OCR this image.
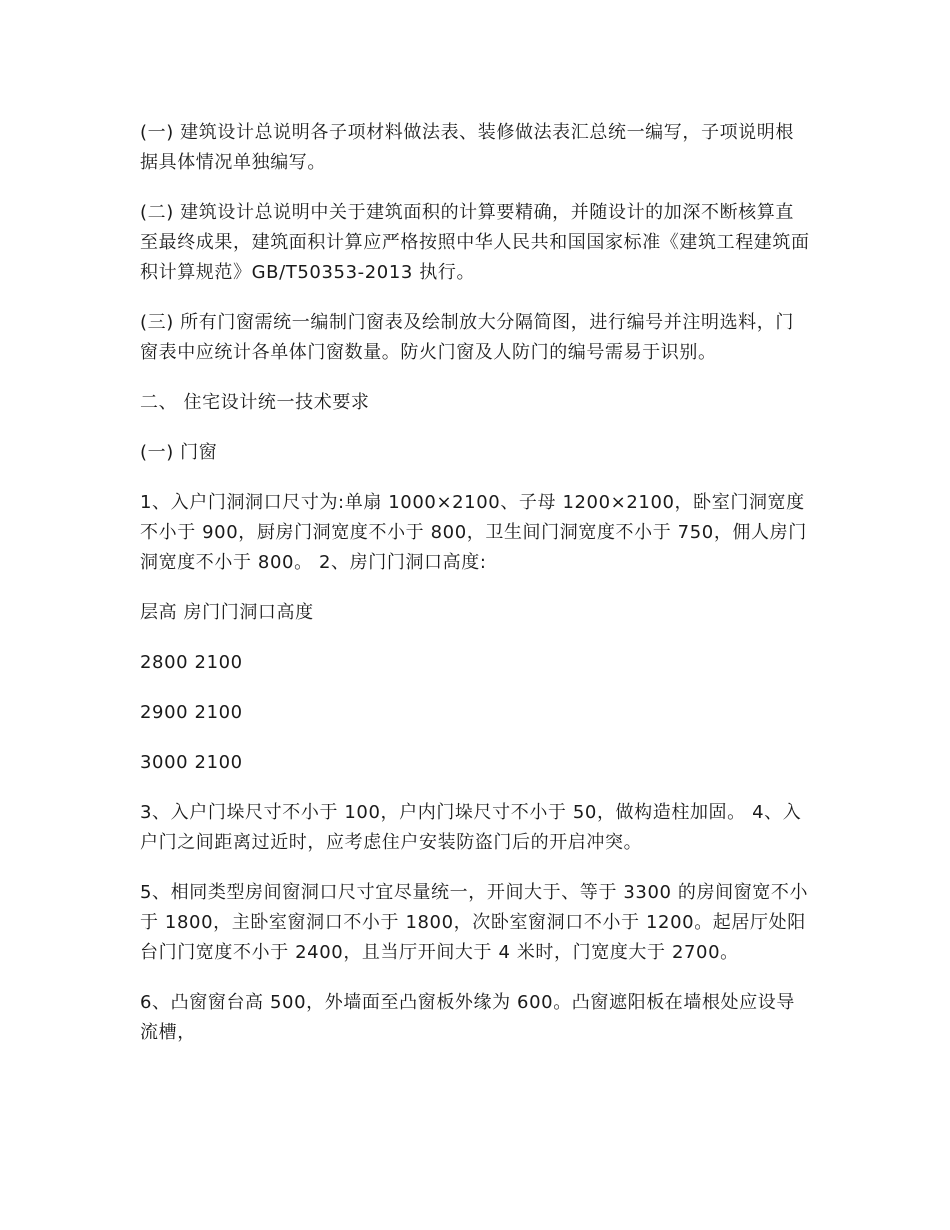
(一) 建筑设计总说明各子项材料做法表、装修做法表汇总统一编写，子项说明根据具体情况单独编写。

(二) 建筑设计总说明中关于建筑面积的计算要精确，并随设计的加深不断核算直至最终成果，建筑面积计算应严格按照中华人民共和国国家标准《建筑工程建筑面积计算规范》GB/T50353-2013 执行。

(三) 所有门窗需统一编制门窗表及绘制放大分隔简图，进行编号并注明选料，门窗表中应统计各单体门窗数量。防火门窗及人防门的编号需易于识别。

二、 住宅设计统一技术要求

(一) 门窗

1、入户门洞洞口尺寸为:单扇 1000×2100、子母 1200×2100，卧室门洞宽度不小于 900，厨房门洞宽度不小于 800，卫生间门洞宽度不小于 750，佣人房门洞宽度不小于 800。 2、房门门洞口高度:

层高 房门门洞口高度

2800 2100

2900 2100

3000 2100

3、入户门垛尺寸不小于 100，户内门垛尺寸不小于 50，做构造柱加固。 4、入户门之间距离过近时，应考虑住户安装防盗门后的开启冲突。

5、相同类型房间窗洞口尺寸宜尽量统一，开间大于、等于 3300 的房间窗宽不小于 1800，主卧室窗洞口不小于 1800，次卧室窗洞口不小于 1200。起居厅处阳台门门宽度不小于 2400，且当厅开间大于 4 米时，门宽度大于 2700。

6、凸窗窗台高 500，外墙面至凸窗板外缘为 600。凸窗遮阳板在墙根处应设导流槽，
